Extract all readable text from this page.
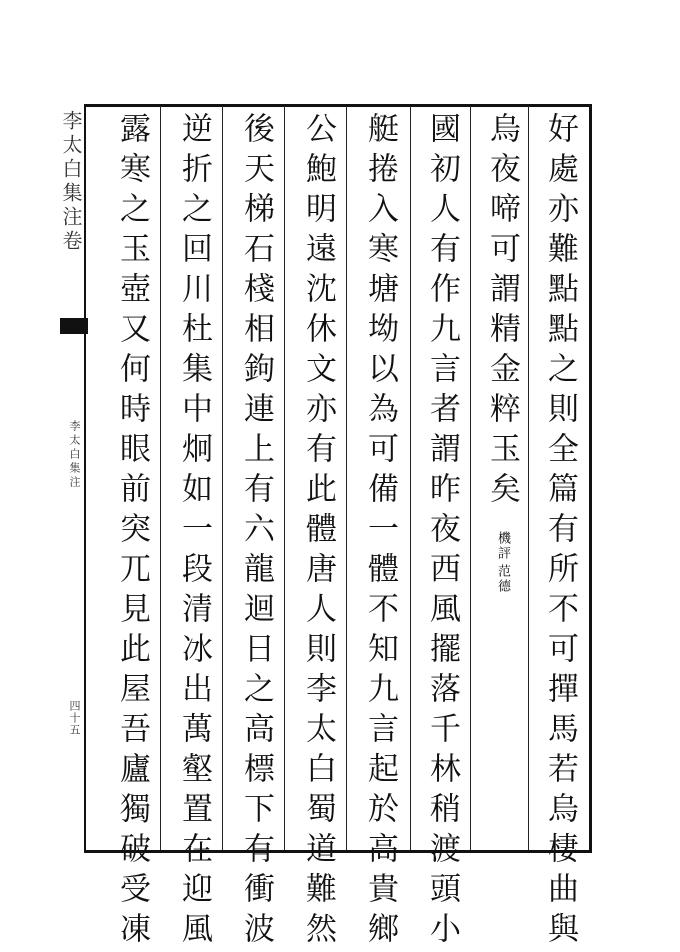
李太白集注卷
李太白集注
四十五	好處亦難點點之則全篇有所不可撣馬若烏棲曲與
烏夜啼可謂精金粹玉矣
范德
機評
國初人有作九言者謂昨夜西風擺落千林稍渡頭小
艇捲入寒塘坳以為可備一體不知九言起於高貴鄉
公鮑明遠沈休文亦有此體唐人則李太白蜀道難然
後天梯石棧相鉤連上有六龍迴日之高標下有衝波
逆折之回川杜集中炯如一段清冰出萬壑置在迎風
露寒之玉壺又何時眼前突兀見此屋吾廬獨破受凍
